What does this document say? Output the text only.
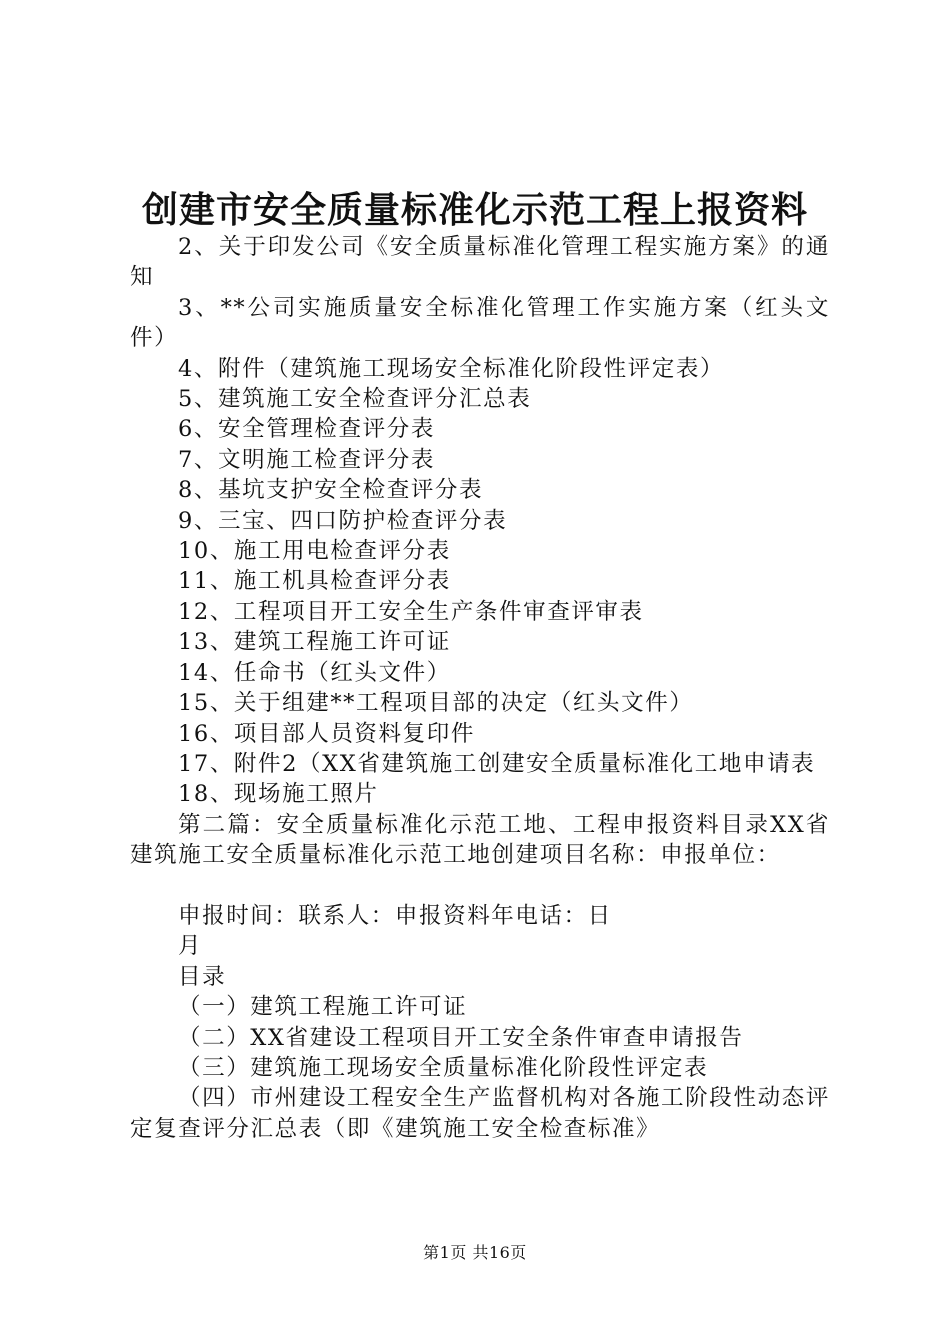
创建市安全质量标准化示范工程上报资料

2、关于印发公司《安全质量标准化管理工程实施方案》的通知

3、**公司实施质量安全标准化管理工作实施方案（红头文件）

4、附件（建筑施工现场安全标准化阶段性评定表）

5、建筑施工安全检查评分汇总表

6、安全管理检查评分表

7、文明施工检查评分表

8、基坑支护安全检查评分表

9、三宝、四口防护检查评分表

10、施工用电检查评分表

11、施工机具检查评分表

12、工程项目开工安全生产条件审查评审表

13、建筑工程施工许可证

14、任命书（红头文件）

15、关于组建**工程项目部的决定（红头文件）

16、项目部人员资料复印件

17、附件2（XX省建筑施工创建安全质量标准化工地申请表

18、现场施工照片

第二篇：安全质量标准化示范工地、工程申报资料目录XX省建筑施工安全质量标准化示范工地创建项目名称：申报单位：

申报时间：联系人：申报资料年电话：日

月

目录

（一）建筑工程施工许可证

（二）XX省建设工程项目开工安全条件审查申请报告

（三）建筑施工现场安全质量标准化阶段性评定表

（四）市州建设工程安全生产监督机构对各施工阶段性动态评定复查评分汇总表（即《建筑施工安全检查标准》

第1页 共16页
